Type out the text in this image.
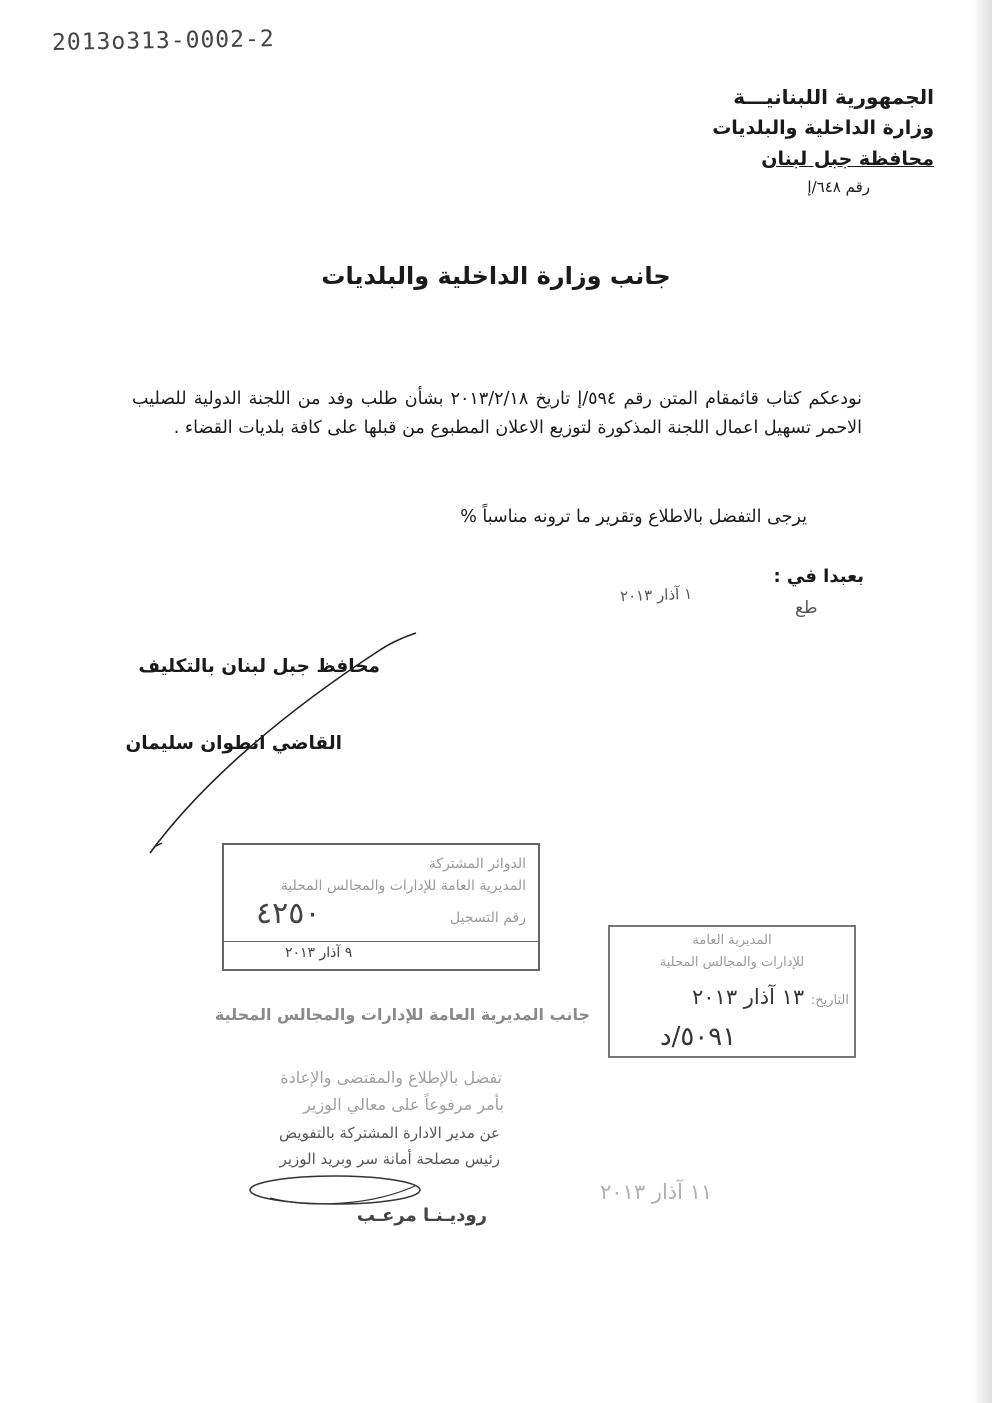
2013o313-0002-2
الجمهورية اللبنانيـــة
وزارة الداخلية والبلديات
محافظة جبل لبنان
رقم ٦٤٨/إ
جانب وزارة الداخلية والبلديات
نودعكم كتاب قائمقام المتن رقم ٥٩٤/إ تاريخ ٢٠١٣/٢/١٨ بشأن طلب وفد من اللجنة الدولية للصليب الاحمر تسهيل اعمال اللجنة المذكورة لتوزيع الاعلان المطبوع من قبلها على كافة بلديات القضاء .
يرجى التفضل بالاطلاع وتقرير ما ترونه مناسباً %
بعبدا في :
١ آذار ٢٠١٣
طع
محافظ جبل لبنان بالتكليف
القاضي انطوان سليمان
الدوائر المشتركة
المديرية العامة للإدارات والمجالس المحلية
رقم التسجيل
٤٢٥٠
٩ آذار ٢٠١٣
المديرية العامة
للإدارات والمجالس المحلية
التاريخ: ١٣ آذار ٢٠١٣
٥٠٩١/د
جانب المديرية العامة للإدارات والمجالس المحلية
تفضل بالإطلاع والمقتضى والإعادة
بأمر مرفوعاً على معالي الوزير
عن مدير الادارة المشتركة بالتفويض
رئيس مصلحة أمانة سر وبريد الوزير
روديـنـا مرعـب
١١ آذار ٢٠١٣
